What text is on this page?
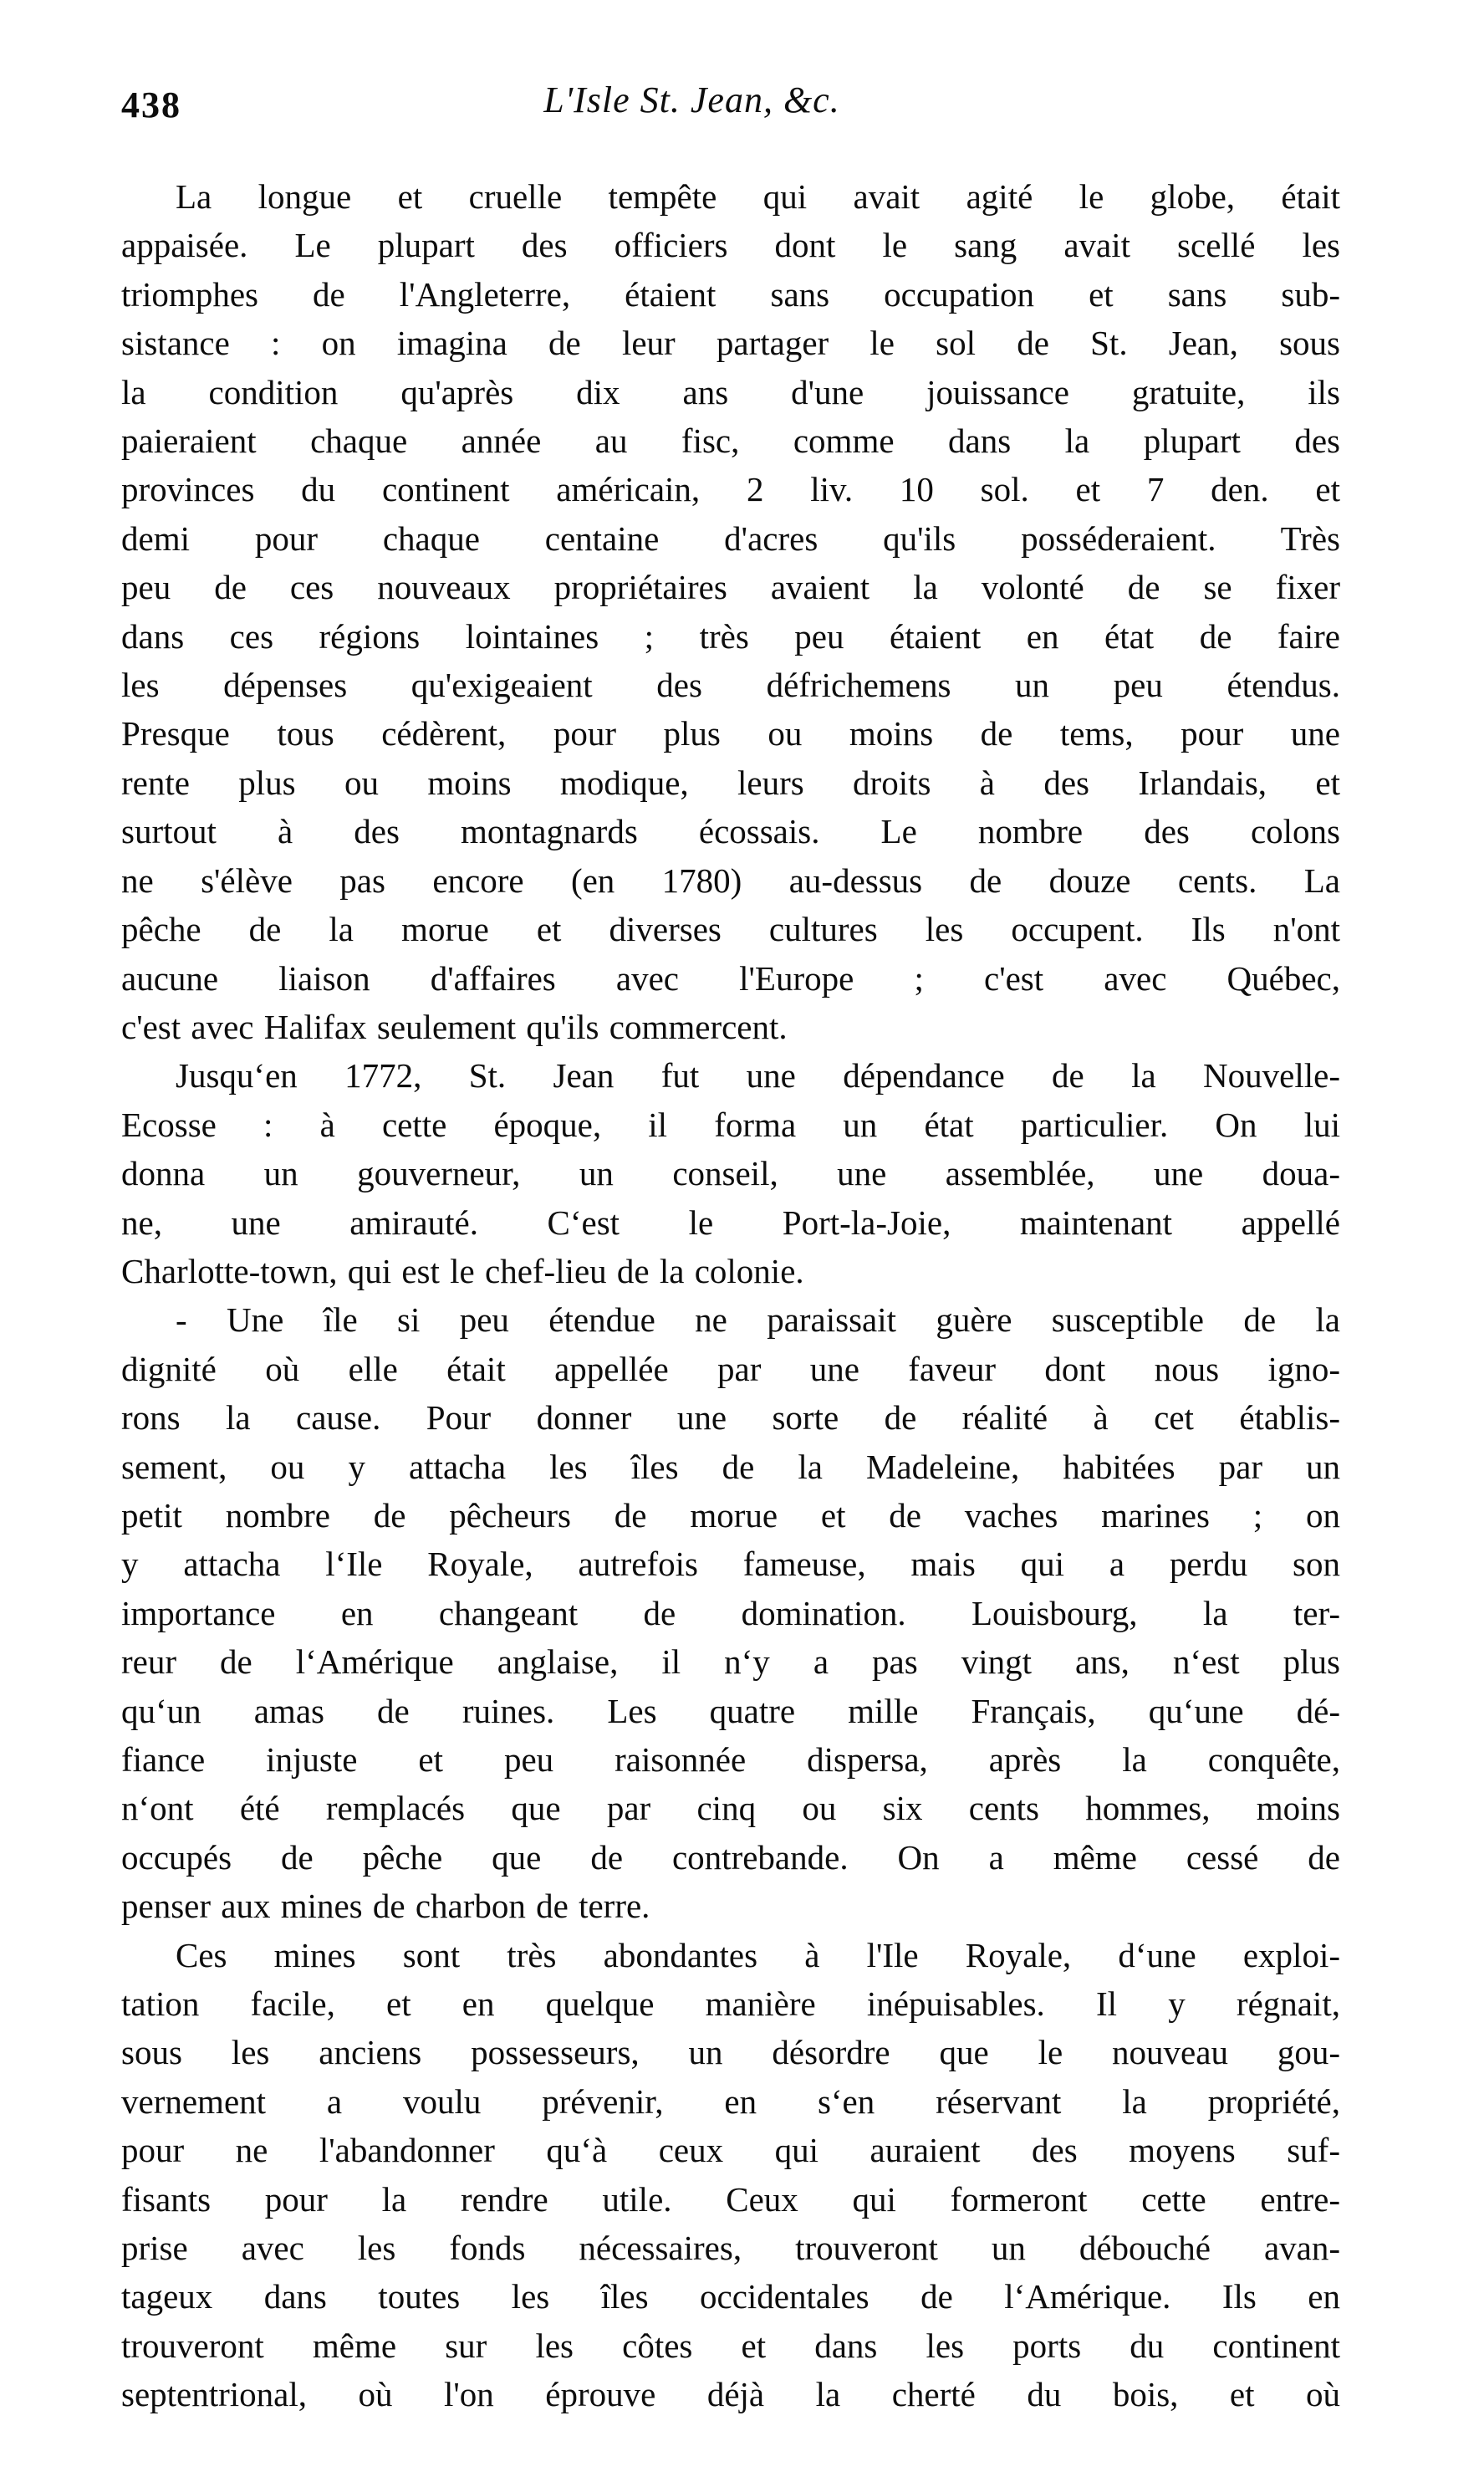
438	L'Isle St. Jean, &c.
La longue et cruelle tempête qui avait agité le globe, était
appaisée. Le plupart des officiers dont le sang avait scellé les
triomphes de l'Angleterre, étaient sans occupation et sans sub-
sistance : on imagina de leur partager le sol de St. Jean, sous
la condition qu'après dix ans d'une jouissance gratuite, ils
paieraient chaque année au fisc, comme dans la plupart des
provinces du continent américain, 2 liv. 10 sol. et 7 den. et
demi pour chaque centaine d'acres qu'ils posséderaient. Très
peu de ces nouveaux propriétaires avaient la volonté de se fixer
dans ces régions lointaines ; très peu étaient en état de faire
les dépenses qu'exigeaient des défrichemens un peu étendus.
Presque tous cédèrent, pour plus ou moins de tems, pour une
rente plus ou moins modique, leurs droits à des Irlandais, et
surtout à des montagnards écossais. Le nombre des colons
ne s'élève pas encore (en 1780) au-dessus de douze cents. La
pêche de la morue et diverses cultures les occupent. Ils n'ont
aucune liaison d'affaires avec l'Europe ; c'est avec Québec,
c'est avec Halifax seulement qu'ils commercent.
Jusqu‘en 1772, St. Jean fut une dépendance de la Nouvelle-
Ecosse : à cette époque, il forma un état particulier. On lui
donna un gouverneur, un conseil, une assemblée, une doua-
ne, une amirauté. C‘est le Port-la-Joie, maintenant appellé
Charlotte-town, qui est le chef-lieu de la colonie.
- Une île si peu étendue ne paraissait guère susceptible de la
dignité où elle était appellée par une faveur dont nous igno-
rons la cause. Pour donner une sorte de réalité à cet établis-
sement, ou y attacha les îles de la Madeleine, habitées par un
petit nombre de pêcheurs de morue et de vaches marines ; on
y attacha l‘Ile Royale, autrefois fameuse, mais qui a perdu son
importance en changeant de domination. Louisbourg, la ter-
reur de l‘Amérique anglaise, il n‘y a pas vingt ans, n‘est plus
qu‘un amas de ruines. Les quatre mille Français, qu‘une dé-
fiance injuste et peu raisonnée dispersa, après la conquête,
n‘ont été remplacés que par cinq ou six cents hommes, moins
occupés de pêche que de contrebande. On a même cessé de
penser aux mines de charbon de terre.
Ces mines sont très abondantes à l'Ile Royale, d‘une exploi-
tation facile, et en quelque manière inépuisables. Il y régnait,
sous les anciens possesseurs, un désordre que le nouveau gou-
vernement a voulu prévenir, en s‘en réservant la propriété,
pour ne l'abandonner qu‘à ceux qui auraient des moyens suf-
fisants pour la rendre utile. Ceux qui formeront cette entre-
prise avec les fonds nécessaires, trouveront un débouché avan-
tageux dans toutes les îles occidentales de l‘Amérique. Ils en
trouveront même sur les côtes et dans les ports du continent
septentrional, où l'on éprouve déjà la cherté du bois, et où
